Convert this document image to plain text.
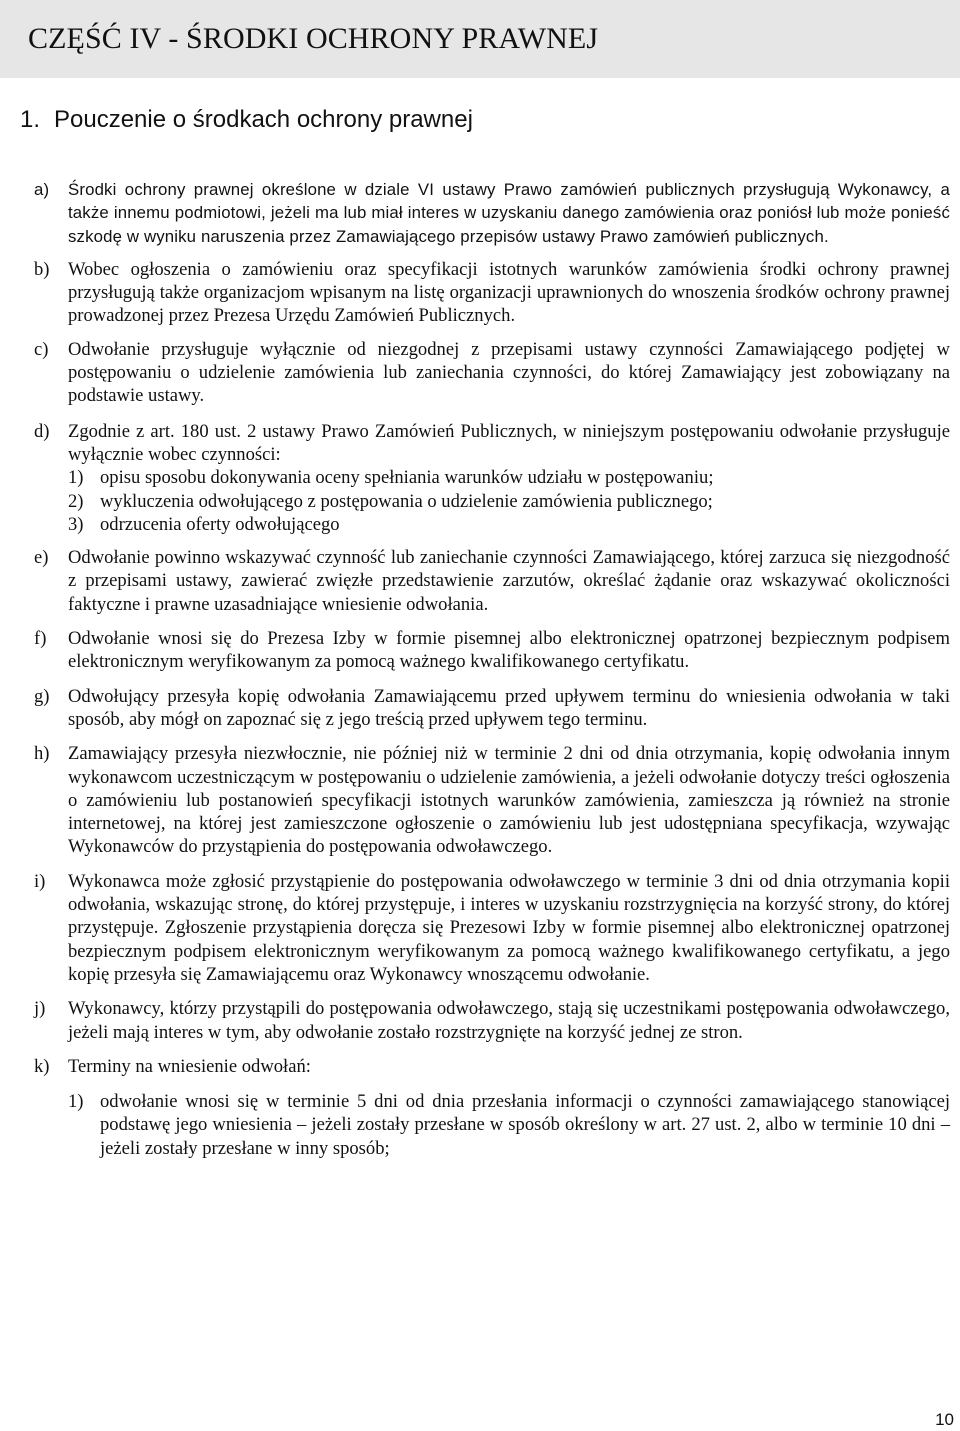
CZĘŚĆ IV - ŚRODKI OCHRONY PRAWNEJ
1. Pouczenie o środkach ochrony prawnej
a) Środki ochrony prawnej określone w dziale VI ustawy Prawo zamówień publicznych przysługują Wykonawcy, a także innemu podmiotowi, jeżeli ma lub miał interes w uzyskaniu danego zamówienia oraz poniósł lub może ponieść szkodę w wyniku naruszenia przez Zamawiającego przepisów ustawy Prawo zamówień publicznych.
b) Wobec ogłoszenia o zamówieniu oraz specyfikacji istotnych warunków zamówienia środki ochrony prawnej przysługują także organizacjom wpisanym na listę organizacji uprawnionych do wnoszenia środków ochrony prawnej prowadzonej przez Prezesa Urzędu Zamówień Publicznych.
c) Odwołanie przysługuje wyłącznie od niezgodnej z przepisami ustawy czynności Zamawiającego podjętej w postępowaniu o udzielenie zamówienia lub zaniechania czynności, do której Zamawiający jest zobowiązany na podstawie ustawy.
d) Zgodnie z art. 180 ust. 2 ustawy Prawo Zamówień Publicznych, w niniejszym postępowaniu odwołanie przysługuje wyłącznie wobec czynności:
1) opisu sposobu dokonywania oceny spełniania warunków udziału w postępowaniu;
2) wykluczenia odwołującego z postępowania o udzielenie zamówienia publicznego;
3) odrzucenia oferty odwołującego
e) Odwołanie powinno wskazywać czynność lub zaniechanie czynności Zamawiającego, której zarzuca się niezgodność z przepisami ustawy, zawierać zwięzłe przedstawienie zarzutów, określać żądanie oraz wskazywać okoliczności faktyczne i prawne uzasadniające wniesienie odwołania.
f) Odwołanie wnosi się do Prezesa Izby w formie pisemnej albo elektronicznej opatrzonej bezpiecznym podpisem elektronicznym weryfikowanym za pomocą ważnego kwalifikowanego certyfikatu.
g) Odwołujący przesyła kopię odwołania Zamawiającemu przed upływem terminu do wniesienia odwołania w taki sposób, aby mógł on zapoznać się z jego treścią przed upływem tego terminu.
h) Zamawiający przesyła niezwłocznie, nie później niż w terminie 2 dni od dnia otrzymania, kopię odwołania innym wykonawcom uczestniczącym w postępowaniu o udzielenie zamówienia, a jeżeli odwołanie dotyczy treści ogłoszenia o zamówieniu lub postanowień specyfikacji istotnych warunków zamówienia, zamieszcza ją również na stronie internetowej, na której jest zamieszczone ogłoszenie o zamówieniu lub jest udostępniana specyfikacja, wzywając Wykonawców do przystąpienia do postępowania odwoławczego.
i) Wykonawca może zgłosić przystąpienie do postępowania odwoławczego w terminie 3 dni od dnia otrzymania kopii odwołania, wskazując stronę, do której przystępuje, i interes w uzyskaniu rozstrzygnięcia na korzyść strony, do której przystępuje. Zgłoszenie przystąpienia doręcza się Prezesowi Izby w formie pisemnej albo elektronicznej opatrzonej bezpiecznym podpisem elektronicznym weryfikowanym za pomocą ważnego kwalifikowanego certyfikatu, a jego kopię przesyła się Zamawiającemu oraz Wykonawcy wnoszącemu odwołanie.
j) Wykonawcy, którzy przystąpili do postępowania odwoławczego, stają się uczestnikami postępowania odwoławczego, jeżeli mają interes w tym, aby odwołanie zostało rozstrzygnięte na korzyść jednej ze stron.
k) Terminy na wniesienie odwołań:
1) odwołanie wnosi się w terminie 5 dni od dnia przesłania informacji o czynności zamawiającego stanowiącej podstawę jego wniesienia – jeżeli zostały przesłane w sposób określony w art. 27 ust. 2, albo w terminie 10 dni – jeżeli zostały przesłane w inny sposób;

10
